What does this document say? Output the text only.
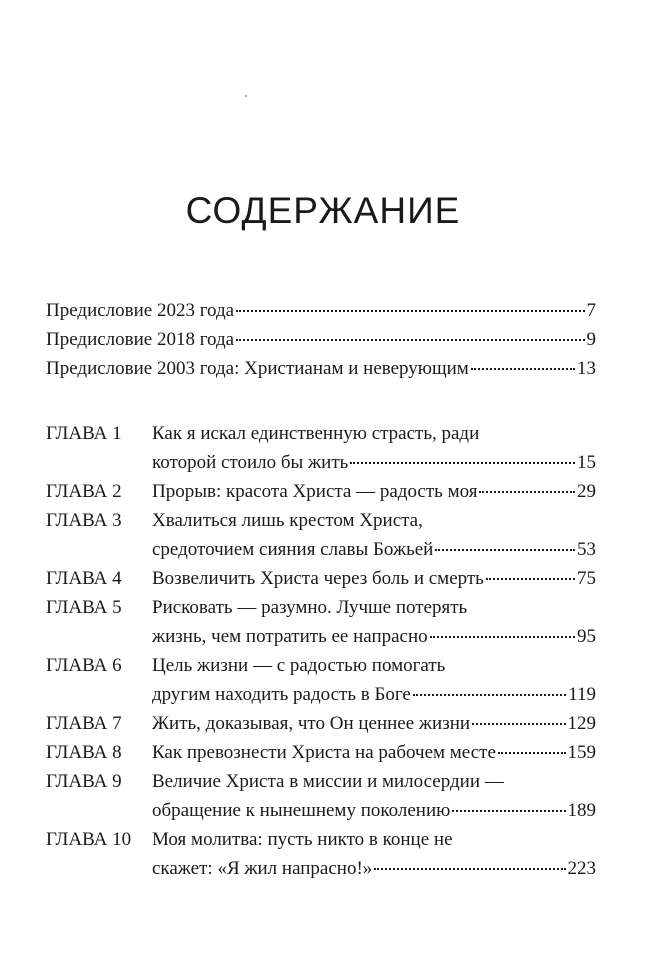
СОДЕРЖАНИЕ
Предисловие 2023 года	7
Предисловие 2018 года	9
Предисловие 2003 года: Христианам и неверующим	13
ГЛАВА 1	Как я искал единственную страсть, ради
которой стоило бы жить	15
ГЛАВА 2	Прорыв: красота Христа — радость моя	29
ГЛАВА 3	Хвалиться лишь крестом Христа,
средоточием сияния славы Божьей	53
ГЛАВА 4	Возвеличить Христа через боль и смерть	75
ГЛАВА 5	Рисковать — разумно. Лучше потерять
жизнь, чем потратить ее напрасно	95
ГЛАВА 6	Цель жизни — с радостью помогать
другим находить радость в Боге	119
ГЛАВА 7	Жить, доказывая, что Он ценнее жизни	129
ГЛАВА 8	Как превознести Христа на рабочем месте	159
ГЛАВА 9	Величие Христа в миссии и милосердии —
обращение к нынешнему поколению	189
ГЛАВА 10	Моя молитва: пусть никто в конце не
скажет: «Я жил напрасно!»	223
